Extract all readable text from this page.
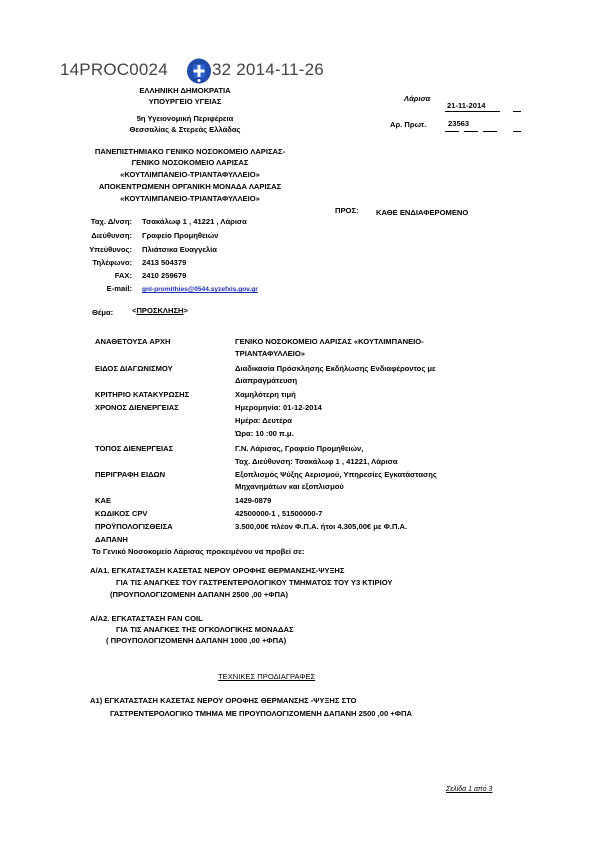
14PROC0024	32 2014-11-26
ΕΛΛΗΝΙΚΗ ΔΗΜΟΚΡΑΤΙΑ
ΥΠΟΥΡΓΕΙΟ ΥΓΕΙΑΣ
5η Υγειονομική Περιφέρεια
Θεσσαλίας & Στερεάς Ελλάδας
Λάρισα
21-11-2014
Αρ. Πρωτ.	23563
ΠΑΝΕΠΙΣΤΗΜΙΑΚΟ ΓΕΝΙΚΟ ΝΟΣΟΚΟΜΕΙΟ ΛΑΡΙΣΑΣ-
ΓΕΝΙΚΟ ΝΟΣΟΚΟΜΕΙΟ ΛΑΡΙΣΑΣ
«ΚΟΥΤΛΙΜΠΑΝΕΙΟ-ΤΡΙΑΝΤΑΦΥΛΛΕΙΟ»
ΑΠΟΚΕΝΤΡΩΜΕΝΗ ΟΡΓΑΝΙΚΗ ΜΟΝΑΔΑ ΛΑΡΙΣΑΣ
«ΚΟΥΤΛΙΜΠΑΝΕΙΟ-ΤΡΙΑΝΤΑΦΥΛΛΕΙΟ»
ΠΡΟΣ: ΚΑΘΕ ΕΝΔΙΑΦΕΡΟΜΕΝΟ
Ταχ. Δ/νση: Τσακάλωφ 1 , 41221 , Λάρισα
Διεύθυνση: Γραφείο Προμηθειών
Υπεύθυνος: Πλιάτσικα Ευαγγελία
Τηλέφωνο: 2413 504379
FAX: 2410 259679
E-mail: gnl-promithies@0544.syzefxis.gov.gr
Θέμα: <ΠΡΟΣΚΛΗΣΗ>
ΑΝΑΘΕΤΟΥΣΑ ΑΡΧΗ	ΓΕΝΙΚΟ ΝΟΣΟΚΟΜΕΙΟ ΛΑΡΙΣΑΣ «ΚΟΥΤΛΙΜΠΑΝΕΙΟ-
ΤΡΙΑΝΤΑΦΥΛΛΕΙΟ»
ΕΙΔΟΣ ΔΙΑΓΩΝΙΣΜΟΥ	Διαδικασία Πρόσκλησης Εκδήλωσης Ενδιαφέροντος με
Διαπραγμάτευση
ΚΡΙΤΗΡΙΟ ΚΑΤΑΚΥΡΩΣΗΣ	Χαμηλότερη τιμή
ΧΡΟΝΟΣ ΔΙΕΝΕΡΓΕΙΑΣ	Ημερομηνία: 01-12-2014
Ημέρα: Δευτέρα
Ώρα: 10 :00 π.μ.
ΤΟΠΟΣ ΔΙΕΝΕΡΓΕΙΑΣ	Γ.Ν. Λάρισας, Γραφείο Προμηθειών,
Ταχ. Διεύθυνση: Τσακάλωφ 1 , 41221, Λάρισα
ΠΕΡΙΓΡΑΦΗ ΕΙΔΩΝ	Εξοπλισμός Ψύξης Αερισμού, Υπηρεσίες Εγκατάστασης
Μηχανημάτων και εξοπλισμού
ΚΑΕ	1429-0879
ΚΩΔΙΚΟΣ CPV	42500000-1 , 51500000-7
ΠΡΟΫΠΟΛΟΓΙΣΘΕΙΣΑ	3.500,00€ πλέον Φ.Π.Α. ήτοι 4.305,00€ με Φ.Π.Α.
ΔΑΠΑΝΗ
Το Γενικό Νοσοκομείο Λάρισας προκειμένου να προβεί σε:
Α/Α1. ΕΓΚΑΤΑΣΤΑΣΗ ΚΑΣΕΤΑΣ ΝΕΡΟΥ ΟΡΟΦΗΣ ΘΕΡΜΑΝΣΗΣ-ΨΥΞΗΣ
ΓΙΑ ΤΙΣ ΑΝΑΓΚΕΣ ΤΟΥ ΓΑΣΤΡΕΝΤΕΡΟΛΟΓΙΚΟΥ ΤΜΗΜΑΤΟΣ ΤΟΥ Υ3 ΚΤΙΡΙΟΥ
(ΠΡΟΥΠΟΛΟΓΙΖΟΜΕΝΗ ΔΑΠΑΝΗ 2500 ,00 +ΦΠΑ)
Α/Α2. ΕΓΚΑΤΑΣΤΑΣΗ FAN COIL
ΓΙΑ ΤΙΣ ΑΝΑΓΚΕΣ ΤΗΣ ΟΓΚΟΛΟΓΙΚΗΣ ΜΟΝΑΔΑΣ
( ΠΡΟΥΠΟΛΟΓΙΖΟΜΕΝΗ ΔΑΠΑΝΗ 1000 ,00 +ΦΠΑ)
ΤΕΧΝΙΚΕΣ ΠΡΟΔΙΑΓΡΑΦΕΣ
Α1) ΕΓΚΑΤΑΣΤΑΣΗ ΚΑΣΕΤΑΣ ΝΕΡΟΥ ΟΡΟΦΗΣ ΘΕΡΜΑΝΣΗΣ -ΨΥΞΗΣ ΣΤΟ
ΓΑΣΤΡΕΝΤΕΡΟΛΟΓΙΚΟ ΤΜΗΜΑ ΜΕ ΠΡΟΥΠΟΛΟΓΙΖΟΜΕΝΗ ΔΑΠΑΝΗ 2500 ,00 +ΦΠΑ
Σελίδα 1 από 3
